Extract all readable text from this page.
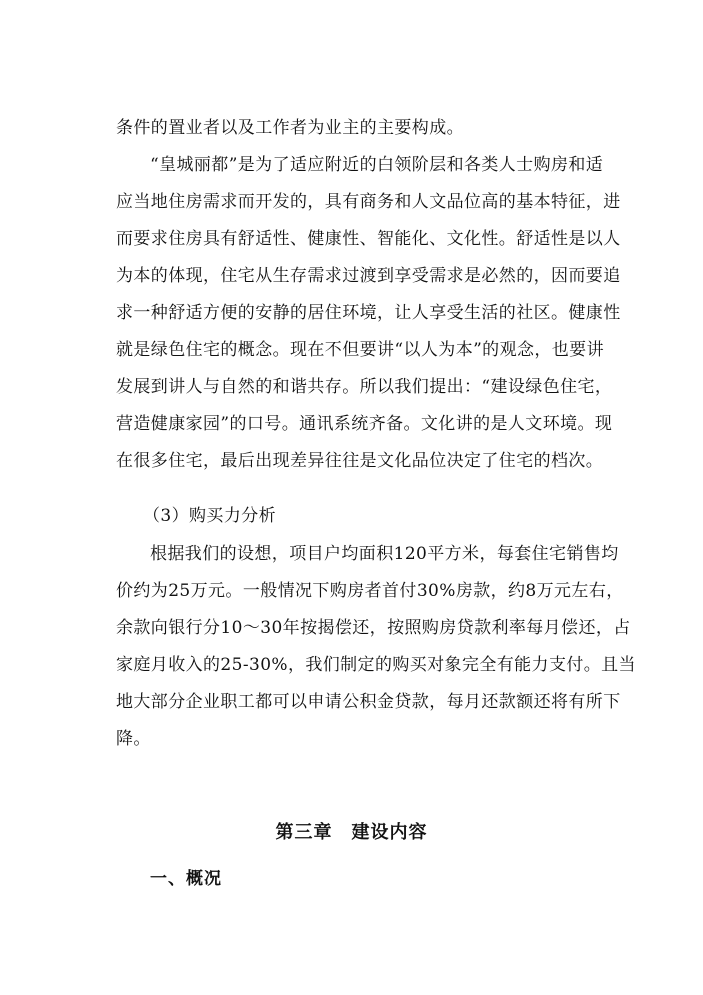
条件的置业者以及工作者为业主的主要构成。
“皇城丽都”是为了适应附近的白领阶层和各类人士购房和适
应当地住房需求而开发的，具有商务和人文品位高的基本特征，进
而要求住房具有舒适性、健康性、智能化、文化性。舒适性是以人
为本的体现，住宅从生存需求过渡到享受需求是必然的，因而要追
求一种舒适方便的安静的居住环境，让人享受生活的社区。健康性
就是绿色住宅的概念。现在不但要讲“以人为本”的观念，也要讲
发展到讲人与自然的和谐共存。所以我们提出：“建设绿色住宅，
营造健康家园”的口号。通讯系统齐备。文化讲的是人文环境。现
在很多住宅，最后出现差异往往是文化品位决定了住宅的档次。
（3）购买力分析
根据我们的设想，项目户均面积120平方米，每套住宅销售均
价约为25万元。一般情况下购房者首付30%房款，约8万元左右，
余款向银行分10～30年按揭偿还，按照购房贷款利率每月偿还，占
家庭月收入的25-30%，我们制定的购买对象完全有能力支付。且当
地大部分企业职工都可以申请公积金贷款，每月还款额还将有所下
降。
第三章　建设内容
一、概况
